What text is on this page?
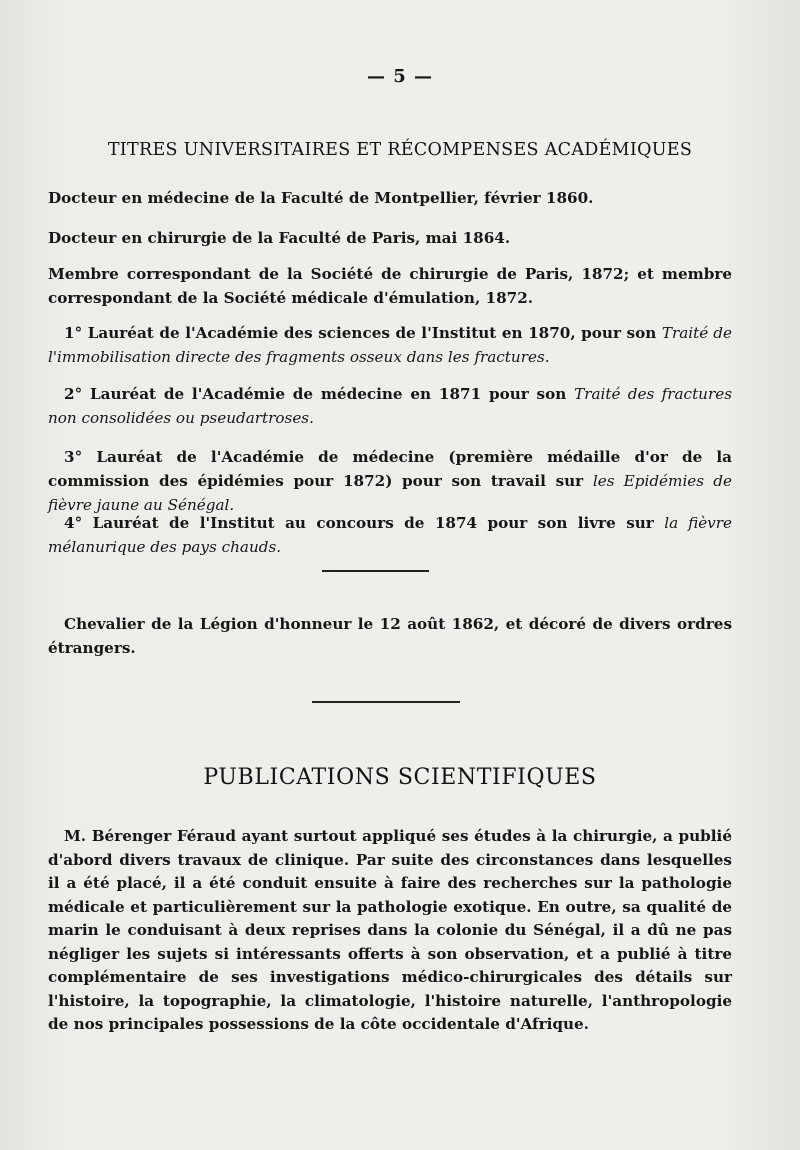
— 5 —
TITRES UNIVERSITAIRES ET RÉCOMPENSES ACADÉMIQUES
Docteur en médecine de la Faculté de Montpellier, février 1860.
Docteur en chirurgie de la Faculté de Paris, mai 1864.
Membre correspondant de la Société de chirurgie de Paris, 1872; et membre correspondant de la Société médicale d'émulation, 1872.
1° Lauréat de l'Académie des sciences de l'Institut en 1870, pour son Traité de l'immobilisation directe des fragments osseux dans les fractures.
2° Lauréat de l'Académie de médecine en 1871 pour son Traité des fractures non consolidées ou pseudartroses.
3° Lauréat de l'Académie de médecine (première médaille d'or de la commission des épidémies pour 1872) pour son travail sur les Epidémies de fièvre jaune au Sénégal.
4° Lauréat de l'Institut au concours de 1874 pour son livre sur la fièvre mélanurique des pays chauds.
Chevalier de la Légion d'honneur le 12 août 1862, et décoré de divers ordres étrangers.
PUBLICATIONS SCIENTIFIQUES
M. Bérenger Féraud ayant surtout appliqué ses études à la chirurgie, a publié d'abord divers travaux de clinique. Par suite des circonstances dans lesquelles il a été placé, il a été conduit ensuite à faire des recherches sur la pathologie médicale et particulièrement sur la pathologie exotique. En outre, sa qualité de marin le conduisant à deux reprises dans la colonie du Sénégal, il a dû ne pas négliger les sujets si intéressants offerts à son observation, et a publié à titre complémentaire de ses investigations médico-chirurgicales des détails sur l'histoire, la topographie, la climatologie, l'histoire naturelle, l'anthropologie de nos principales possessions de la côte occidentale d'Afrique.
